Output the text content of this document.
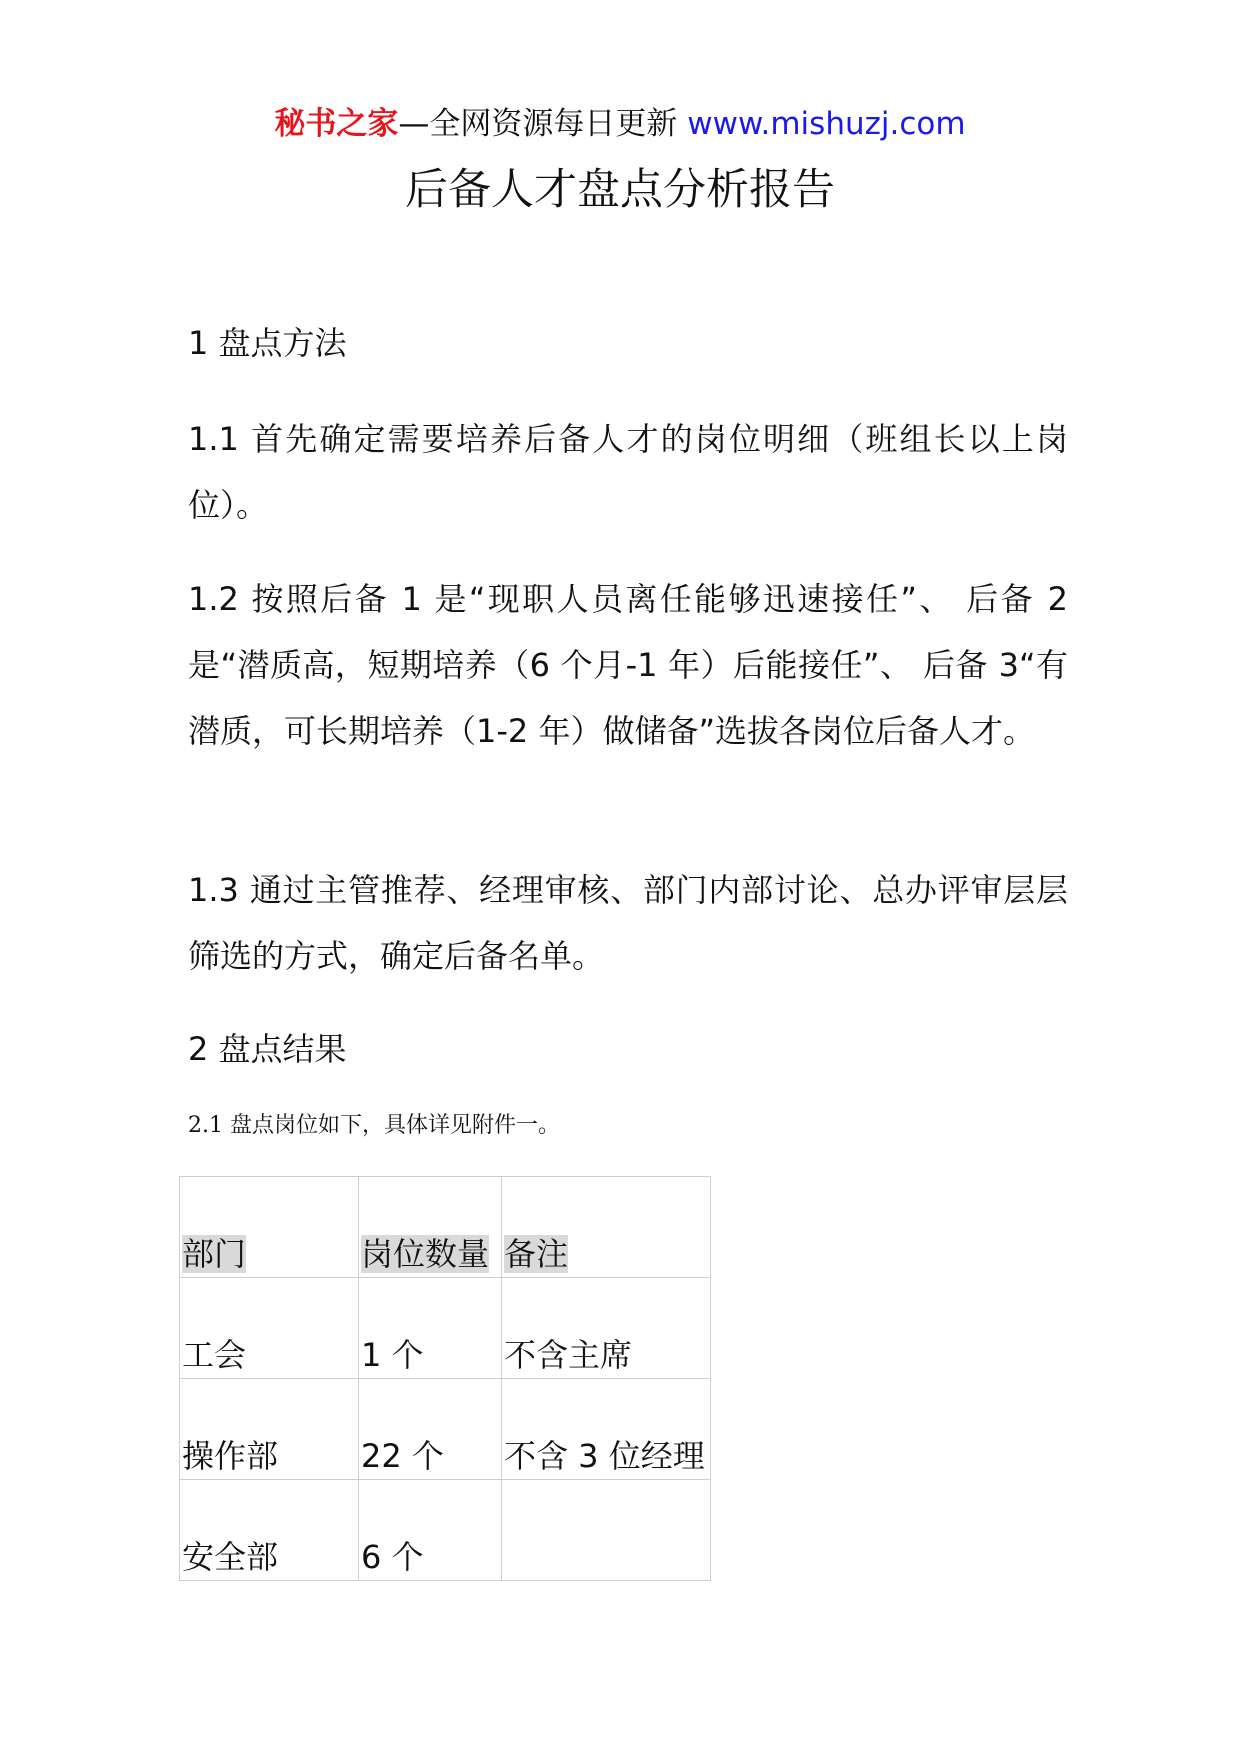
秘书之家—全网资源每日更新 www.mishuzj.com
后备人才盘点分析报告

1 盘点方法

1.1 首先确定需要培养后备人才的岗位明细（班组长以上岗位）。

1.2 按照后备 1 是“现职人员离任能够迅速接任”、 后备 2 是“潜质高，短期培养（6 个月-1 年）后能接任”、 后备 3“有潜质，可长期培养（1-2 年）做储备”选拔各岗位后备人才。

1.3 通过主管推荐、经理审核、部门内部讨论、总办评审层层筛选的方式，确定后备名单。

2 盘点结果

2.1 盘点岗位如下，具体详见附件一。

部门	岗位数量	备注
工会	1 个	不含主席
操作部	22 个	不含 3 位经理
安全部	6 个	
